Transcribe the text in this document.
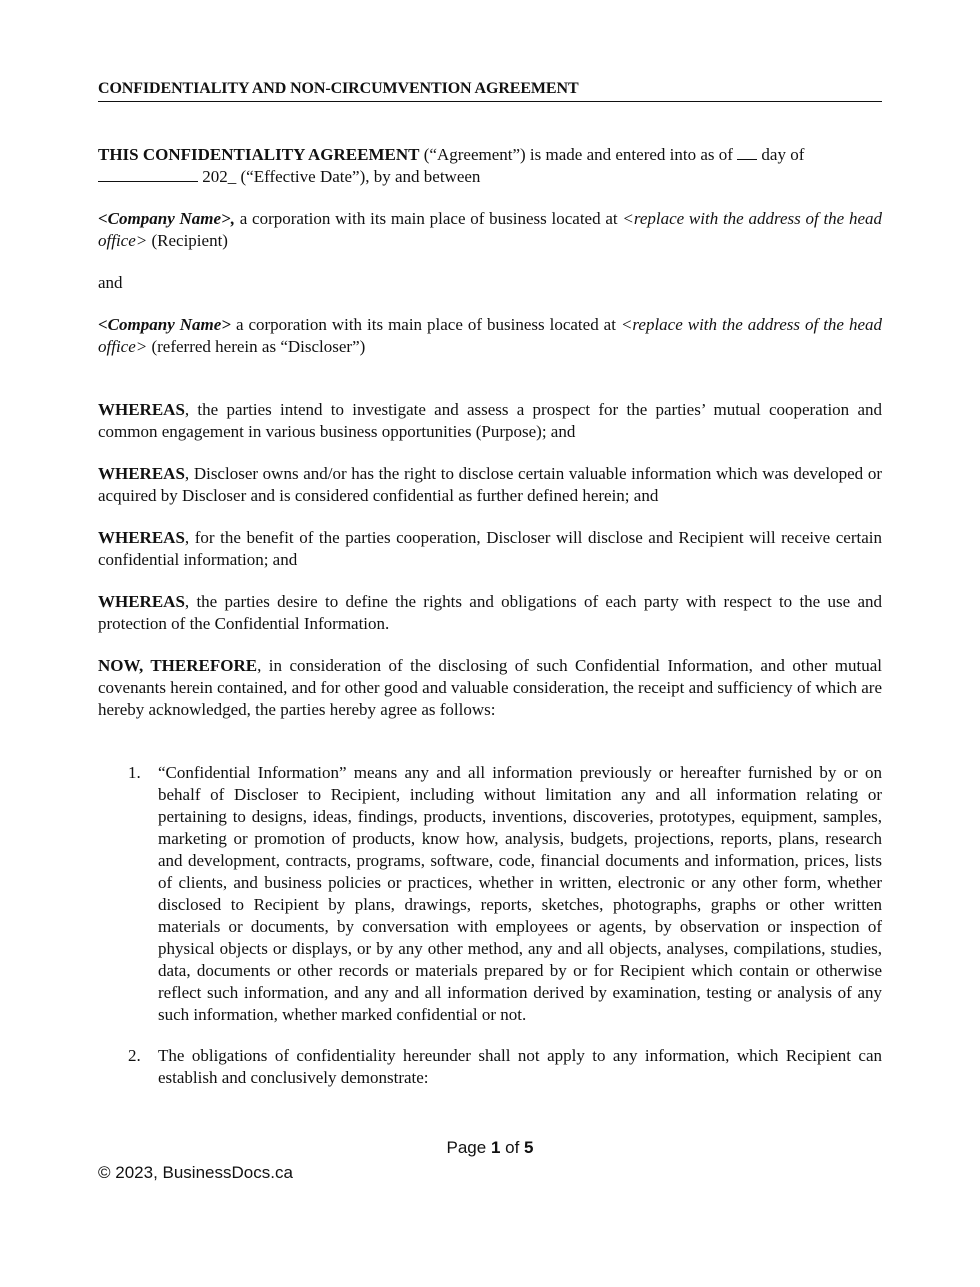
CONFIDENTIALITY AND NON-CIRCUMVENTION AGREEMENT

THIS CONFIDENTIALITY AGREEMENT (“Agreement”) is made and entered into as of  day of
202_ (“Effective Date”), by and between

<Company Name>, a corporation with its main place of business located at <replace with the address of the head office> (Recipient)

and

<Company Name> a corporation with its main place of business located at <replace with the address of the head office> (referred herein as “Discloser”)

WHEREAS, the parties intend to investigate and assess a prospect for the parties’ mutual cooperation and common engagement in various business opportunities (Purpose); and

WHEREAS, Discloser owns and/or has the right to disclose certain valuable information which was developed or acquired by Discloser and is considered confidential as further defined herein; and

WHEREAS, for the benefit of the parties cooperation, Discloser will disclose and Recipient will receive certain confidential information; and

WHEREAS, the parties desire to define the rights and obligations of each party with respect to the use and protection of the Confidential Information.

NOW, THEREFORE, in consideration of the disclosing of such Confidential Information, and other mutual covenants herein contained, and for other good and valuable consideration, the receipt and sufficiency of which are hereby acknowledged, the parties hereby agree as follows:

1. “Confidential Information” means any and all information previously or hereafter furnished by or on behalf of Discloser to Recipient, including without limitation any and all information relating or pertaining to designs, ideas, findings, products, inventions, discoveries, prototypes, equipment, samples, marketing or promotion of products, know how, analysis, budgets, projections, reports, plans, research and development, contracts, programs, software, code, financial documents and information, prices, lists of clients, and business policies or practices, whether in written, electronic or any other form, whether disclosed to Recipient by plans, drawings, reports, sketches, photographs, graphs or other written materials or documents, by conversation with employees or agents, by observation or inspection of physical objects or displays, or by any other method, any and all objects, analyses, compilations, studies, data, documents or other records or materials prepared by or for Recipient which contain or otherwise reflect such information, and any and all information derived by examination, testing or analysis of any such information, whether marked confidential or not.
2. The obligations of confidentiality hereunder shall not apply to any information, which Recipient can establish and conclusively demonstrate:
Page 1 of 5
© 2023, BusinessDocs.ca
